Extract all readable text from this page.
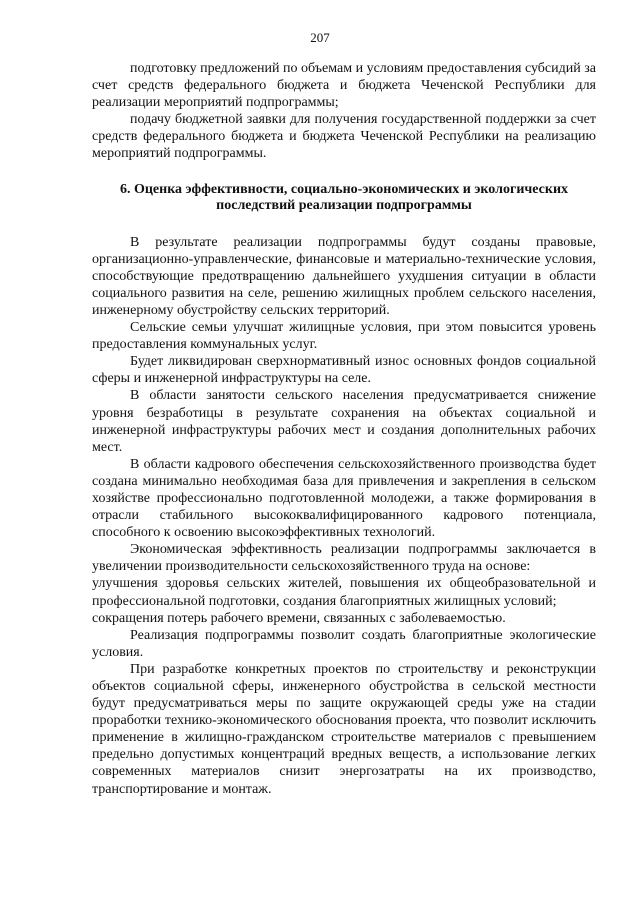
207

подготовку предложений по объемам и условиям предоставления субсидий за счет средств федерального бюджета и бюджета Чеченской Республики для реализации мероприятий подпрограммы;

подачу бюджетной заявки для получения государственной поддержки за счет средств федерального бюджета и бюджета Чеченской Республики на реализацию мероприятий подпрограммы.

6. Оценка эффективности, социально-экономических и экологических последствий реализации подпрограммы

В результате реализации подпрограммы будут созданы правовые, организационно-управленческие, финансовые и материально-технические условия, способствующие предотвращению дальнейшего ухудшения ситуации в области социального развития на селе, решению жилищных проблем сельского населения, инженерному обустройству сельских территорий.

Сельские семьи улучшат жилищные условия, при этом повысится уровень предоставления коммунальных услуг.

Будет ликвидирован сверхнормативный износ основных фондов социальной сферы и инженерной инфраструктуры на селе.

В области занятости сельского населения предусматривается снижение уровня безработицы в результате сохранения на объектах социальной и инженерной инфраструктуры рабочих мест и создания дополнительных рабочих мест.

В области кадрового обеспечения сельскохозяйственного производства будет создана минимально необходимая база для привлечения и закрепления в сельском хозяйстве профессионально подготовленной молодежи, а также формирования в отрасли стабильного высококвалифицированного кадрового потенциала, способного к освоению высокоэффективных технологий.

Экономическая эффективность реализации подпрограммы заключается в увеличении производительности сельскохозяйственного труда на основе:

улучшения здоровья сельских жителей, повышения их общеобразовательной и профессиональной подготовки, создания благоприятных жилищных условий;

сокращения потерь рабочего времени, связанных с заболеваемостью.

Реализация подпрограммы позволит создать благоприятные экологические условия.

При разработке конкретных проектов по строительству и реконструкции объектов социальной сферы, инженерного обустройства в сельской местности будут предусматриваться меры по защите окружающей среды уже на стадии проработки технико-экономического обоснования проекта, что позволит исключить применение в жилищно-гражданском строительстве материалов с превышением предельно допустимых концентраций вредных веществ, а использование легких современных материалов снизит энергозатраты на их производство, транспортирование и монтаж.
